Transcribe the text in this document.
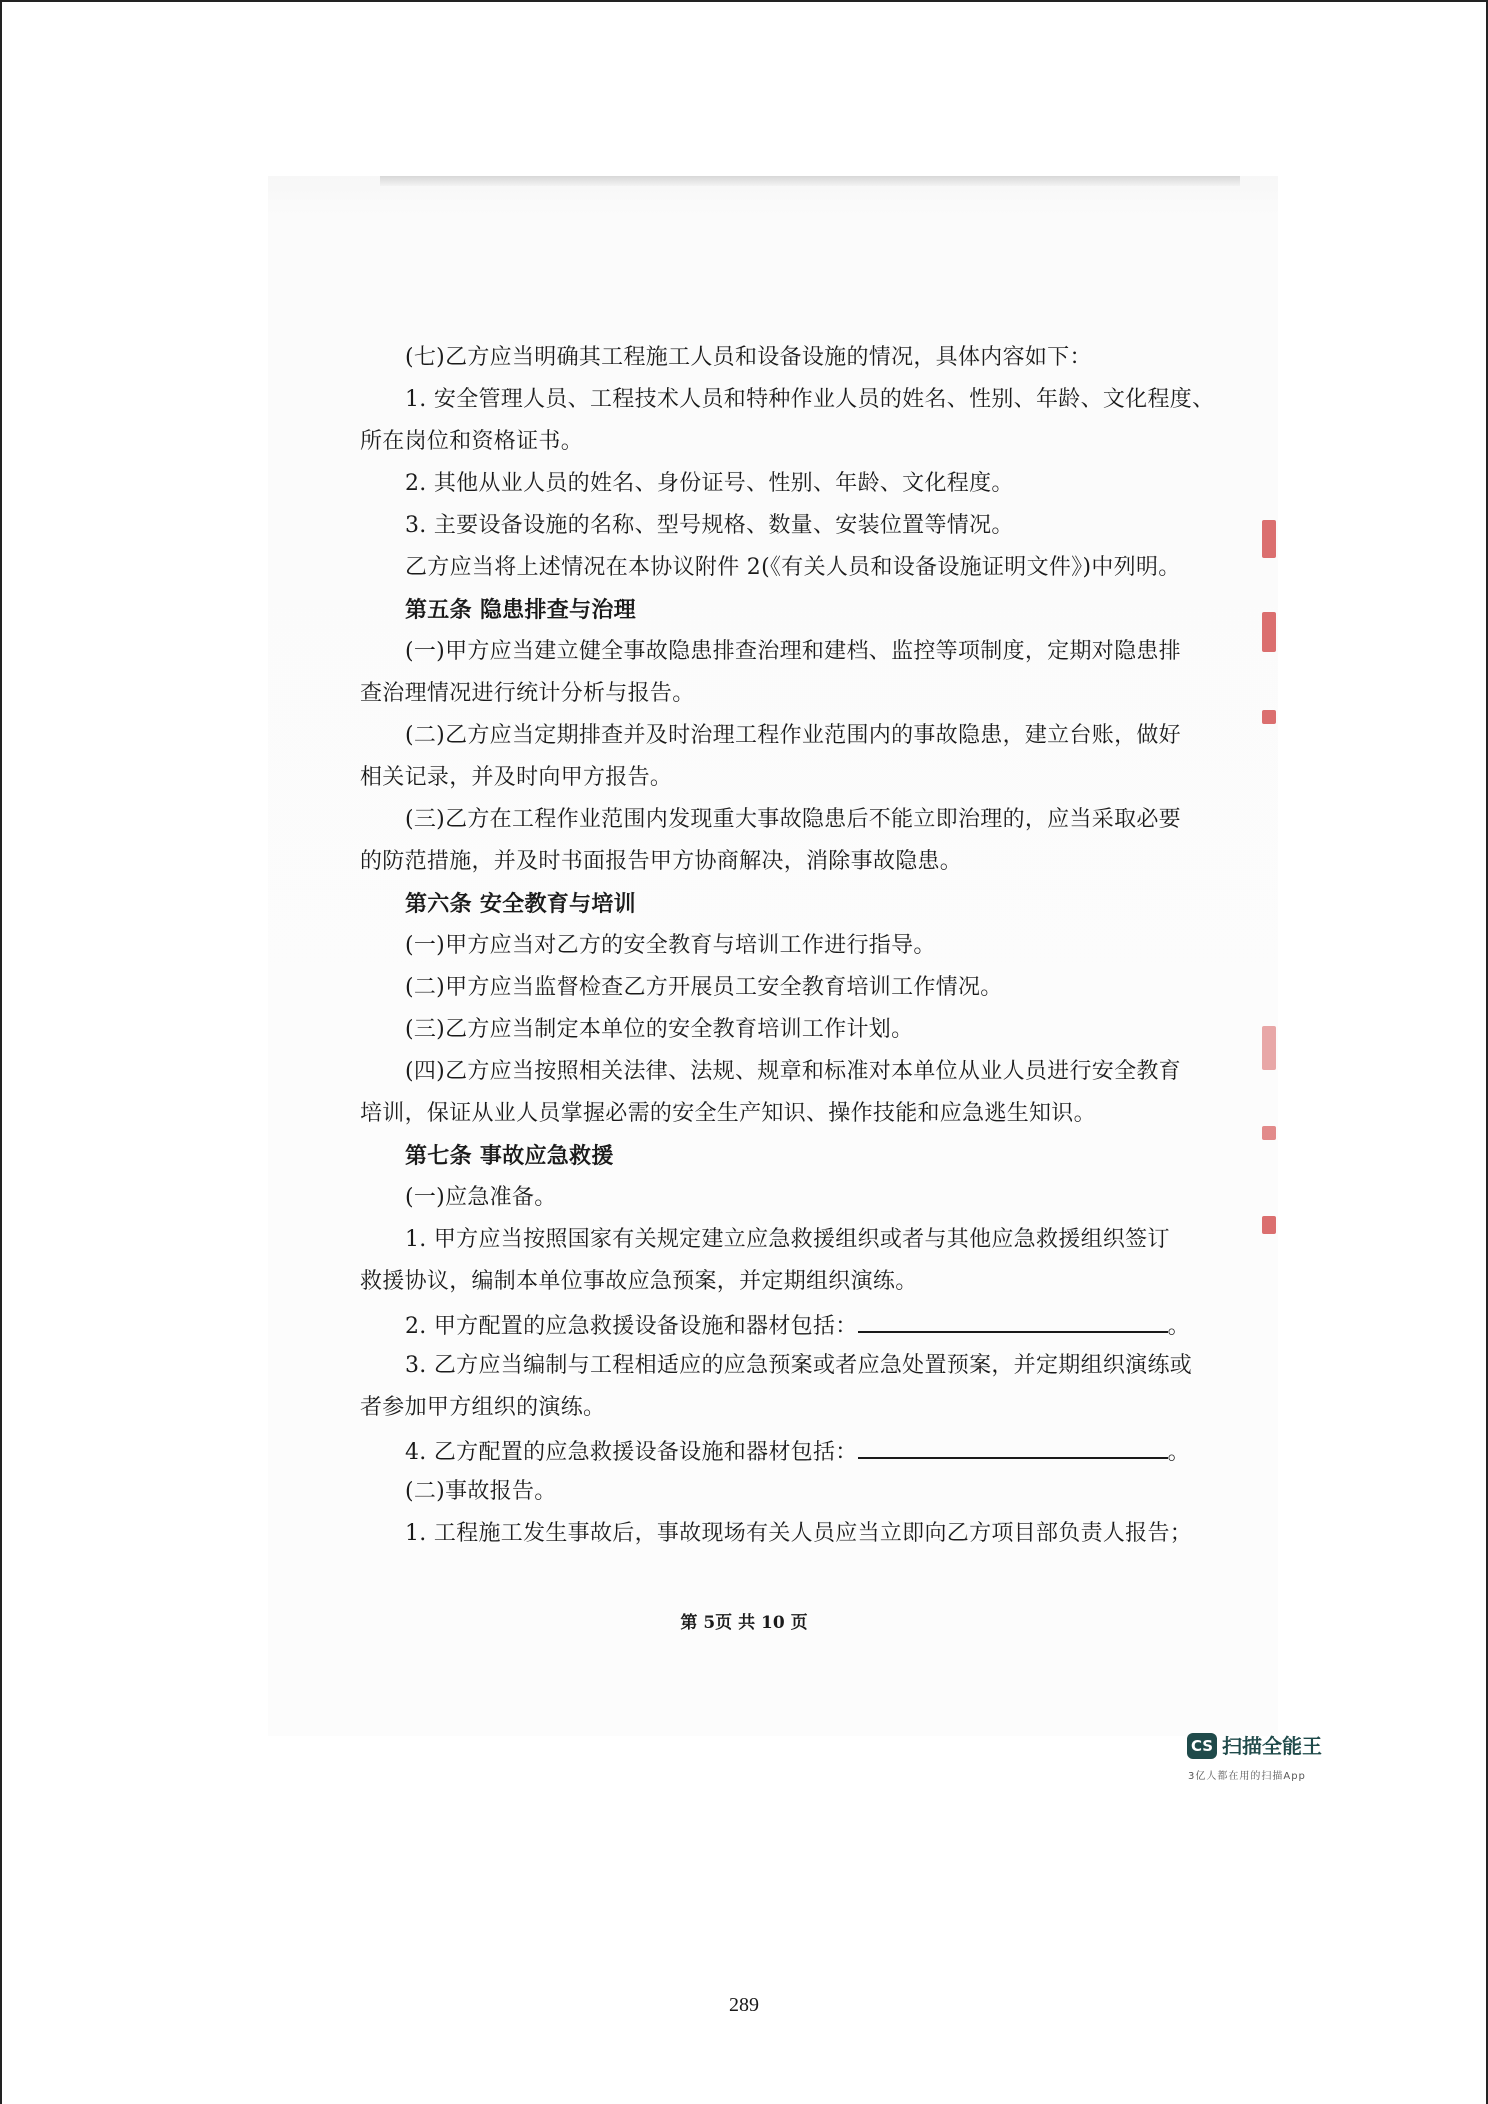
(七)乙方应当明确其工程施工人员和设备设施的情况，具体内容如下：
1. 安全管理人员、工程技术人员和特种作业人员的姓名、性别、年龄、文化程度、
所在岗位和资格证书。
2. 其他从业人员的姓名、身份证号、性别、年龄、文化程度。
3. 主要设备设施的名称、型号规格、数量、安装位置等情况。
乙方应当将上述情况在本协议附件 2(《有关人员和设备设施证明文件》)中列明。
第五条 隐患排查与治理
(一)甲方应当建立健全事故隐患排查治理和建档、监控等项制度，定期对隐患排
查治理情况进行统计分析与报告。
(二)乙方应当定期排查并及时治理工程作业范围内的事故隐患，建立台账，做好
相关记录，并及时向甲方报告。
(三)乙方在工程作业范围内发现重大事故隐患后不能立即治理的，应当采取必要
的防范措施，并及时书面报告甲方协商解决，消除事故隐患。
第六条 安全教育与培训
(一)甲方应当对乙方的安全教育与培训工作进行指导。
(二)甲方应当监督检查乙方开展员工安全教育培训工作情况。
(三)乙方应当制定本单位的安全教育培训工作计划。
(四)乙方应当按照相关法律、法规、规章和标准对本单位从业人员进行安全教育
培训，保证从业人员掌握必需的安全生产知识、操作技能和应急逃生知识。
第七条 事故应急救援
(一)应急准备。
1. 甲方应当按照国家有关规定建立应急救援组织或者与其他应急救援组织签订
救援协议，编制本单位事故应急预案，并定期组织演练。
2. 甲方配置的应急救援设备设施和器材包括：	。
3. 乙方应当编制与工程相适应的应急预案或者应急处置预案，并定期组织演练或
者参加甲方组织的演练。
4. 乙方配置的应急救援设备设施和器材包括：	。
(二)事故报告。
1. 工程施工发生事故后，事故现场有关人员应当立即向乙方项目部负责人报告；
第 5页 共 10 页
CS 扫描全能王
3亿人都在用的扫描App
289
